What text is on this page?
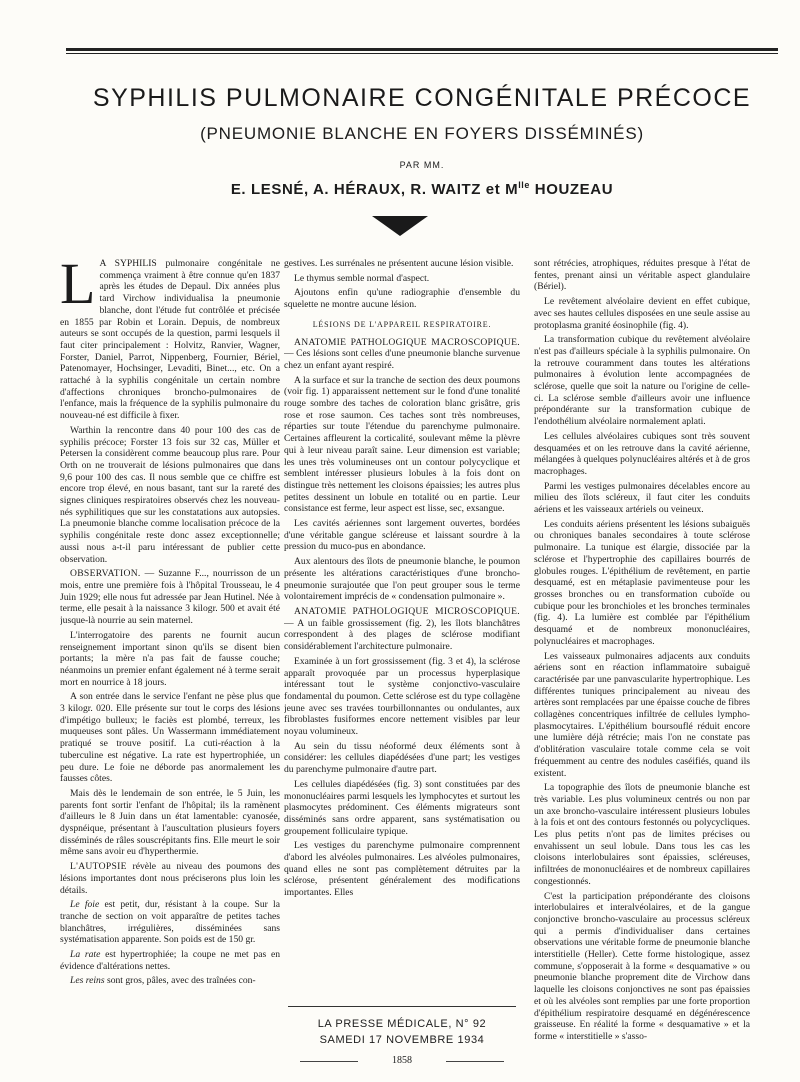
SYPHILIS PULMONAIRE CONGÉNITALE PRÉCOCE
(PNEUMONIE BLANCHE EN FOYERS DISSÉMINÉS)
PAR MM.
E. LESNÉ, A. HÉRAUX, R. WAITZ et $M^{lle}$ HOUZEAU

L A SYPHILIS pulmonaire congénitale ne commença vraiment à être connue qu'en 1837 après les études de Depaul. Dix années plus tard Virchow individualisa la pneumonie blanche, dont l'étude fut contrôlée et précisée en 1855 par Robin et Lorain. Depuis, de nombreux auteurs se sont occupés de la question, parmi lesquels il faut citer principalement : Holvitz, Ranvier, Wagner, Forster, Daniel, Parrot, Nippenberg, Fournier, Bériel, Patenomayer, Hochsinger, Levaditi, Binet..., etc. On a rattaché à la syphilis congénitale un certain nombre d'affections chroniques broncho-pulmonaires de l'enfance, mais la fréquence de la syphilis pulmonaire du nouveau-né est difficile à fixer.

Warthin la rencontre dans 40 pour 100 des cas de syphilis précoce; Forster 13 fois sur 32 cas, Müller et Petersen la considèrent comme beaucoup plus rare. Pour Orth on ne trouverait de lésions pulmonaires que dans 9,6 pour 100 des cas. Il nous semble que ce chiffre est encore trop élevé, en nous basant, tant sur la rareté des signes cliniques respiratoires observés chez les nouveau-nés syphilitiques que sur les constatations aux autopsies. La pneumonie blanche comme localisation précoce de la syphilis congénitale reste donc assez exceptionnelle; aussi nous a-t-il paru intéressant de publier cette observation.

OBSERVATION. — Suzanne F..., nourrisson de un mois, entre une première fois à l'hôpital Trousseau, le 4 Juin 1929; elle nous fut adressée par Jean Hutinel. Née à terme, elle pesait à la naissance 3 kilogr. 500 et avait été jusque-là nourrie au sein maternel.

L'interrogatoire des parents ne fournit aucun renseignement important sinon qu'ils se disent bien portants; la mère n'a pas fait de fausse couche; néanmoins un premier enfant également né à terme serait mort en nourrice à 18 jours.

A son entrée dans le service l'enfant ne pèse plus que 3 kilogr. 020. Elle présente sur tout le corps des lésions d'impétigo bulleux; le faciès est plombé, terreux, les muqueuses sont pâles. Un Wassermann immédiatement pratiqué se trouve positif. La cuti-réaction à la tuberculine est négative. La rate est hypertrophiée, un peu dure. Le foie ne déborde pas anormalement les fausses côtes.

Mais dès le lendemain de son entrée, le 5 Juin, les parents font sortir l'enfant de l'hôpital; ils la ramènent d'ailleurs le 8 Juin dans un état lamentable: cyanosée, dyspnéique, présentant à l'auscultation plusieurs foyers disséminés de râles souscrépitants fins. Elle meurt le soir même sans avoir eu d'hyperthermie.

L'AUTOPSIE révèle au niveau des poumons des lésions importantes dont nous préciserons plus loin les détails.

Le foie est petit, dur, résistant à la coupe. Sur la tranche de section on voit apparaître de petites taches blanchâtres, irrégulières, disséminées sans systématisation apparente. Son poids est de 150 gr.

La rate est hypertrophiée; la coupe ne met pas en évidence d'altérations nettes.

Les reins sont gros, pâles, avec des traînées con-

gestives. Les surrénales ne présentent aucune lésion visible.

Le thymus semble normal d'aspect.

Ajoutons enfin qu'une radiographie d'ensemble du squelette ne montre aucune lésion.

LÉSIONS DE L'APPAREIL RESPIRATOIRE.

ANATOMIE PATHOLOGIQUE MACROSCOPIQUE. — Ces lésions sont celles d'une pneumonie blanche survenue chez un enfant ayant respiré.

A la surface et sur la tranche de section des deux poumons (voir fig. 1) apparaissent nettement sur le fond d'une tonalité rouge sombre des taches de coloration blanc grisâtre, gris rose et rose saumon. Ces taches sont très nombreuses, réparties sur toute l'étendue du parenchyme pulmonaire. Certaines affleurent la corticalité, soulevant même la plèvre qui à leur niveau paraît saine. Leur dimension est variable; les unes très volumineuses ont un contour polycyclique et semblent intéresser plusieurs lobules à la fois dont on distingue très nettement les cloisons épaissies; les autres plus petites dessinent un lobule en totalité ou en partie. Leur consistance est ferme, leur aspect est lisse, sec, exsangue.

Les cavités aériennes sont largement ouvertes, bordées d'une véritable gangue scléreuse et laissant sourdre à la pression du muco-pus en abondance.

Aux alentours des îlots de pneumonie blanche, le poumon présente les altérations caractéristiques d'une broncho-pneumonie surajoutée que l'on peut grouper sous le terme volontairement imprécis de « condensation pulmonaire ».

ANATOMIE PATHOLOGIQUE MICROSCOPIQUE. — A un faible grossissement (fig. 2), les îlots blanchâtres correspondent à des plages de sclérose modifiant considérablement l'architecture pulmonaire.

Examinée à un fort grossissement (fig. 3 et 4), la sclérose apparaît provoquée par un processus hyperplasique intéressant tout le système conjonctivo-vasculaire fondamental du poumon. Cette sclérose est du type collagène jeune avec ses travées tourbillonnantes ou ondulantes, aux fibroblastes fusiformes encore nettement visibles par leur noyau volumineux.

Au sein du tissu néoformé deux éléments sont à considérer: les cellules diapédésées d'une part; les vestiges du parenchyme pulmonaire d'autre part.

Les cellules diapédésées (fig. 3) sont constituées par des mononucléaires parmi lesquels les lymphocytes et surtout les plasmocytes prédominent. Ces éléments migrateurs sont disséminés sans ordre apparent, sans systématisation ou groupement folliculaire typique.

Les vestiges du parenchyme pulmonaire comprennent d'abord les alvéoles pulmonaires. Les alvéoles pulmonaires, quand elles ne sont pas complètement détruites par la sclérose, présentent généralement des modifications importantes. Elles

sont rétrécies, atrophiques, réduites presque à l'état de fentes, prenant ainsi un véritable aspect glandulaire (Bériel).

Le revêtement alvéolaire devient en effet cubique, avec ses hautes cellules disposées en une seule assise au protoplasma granité éosinophile (fig. 4).

La transformation cubique du revêtement alvéolaire n'est pas d'ailleurs spéciale à la syphilis pulmonaire. On la retrouve couramment dans toutes les altérations pulmonaires à évolution lente accompagnées de sclérose, quelle que soit la nature ou l'origine de celle-ci. La sclérose semble d'ailleurs avoir une influence prépondérante sur la transformation cubique de l'endothélium alvéolaire normalement aplati.

Les cellules alvéolaires cubiques sont très souvent desquamées et on les retrouve dans la cavité aérienne, mélangées à quelques polynucléaires altérés et à de gros macrophages.

Parmi les vestiges pulmonaires décelables encore au milieu des îlots scléreux, il faut citer les conduits aériens et les vaisseaux artériels ou veineux.

Les conduits aériens présentent les lésions subaiguës ou chroniques banales secondaires à toute sclérose pulmonaire. La tunique est élargie, dissociée par la sclérose et l'hypertrophie des capillaires bourrés de globules rouges. L'épithélium de revêtement, en partie desquamé, est en métaplasie pavimenteuse pour les grosses bronches ou en transformation cuboïde ou cubique pour les bronchioles et les bronches terminales (fig. 4). La lumière est comblée par l'épithélium desquamé et de nombreux mononucléaires, polynucléaires et macrophages.

Les vaisseaux pulmonaires adjacents aux conduits aériens sont en réaction inflammatoire subaiguë caractérisée par une panvascularite hypertrophique. Les différentes tuniques principalement au niveau des artères sont remplacées par une épaisse couche de fibres collagènes concentriques infiltrée de cellules lympho-plasmocytaires. L'épithélium boursouflé réduit encore une lumière déjà rétrécie; mais l'on ne constate pas d'oblitération vasculaire totale comme cela se voit fréquemment au centre des nodules caséifiés, quand ils existent.

La topographie des îlots de pneumonie blanche est très variable. Les plus volumineux centrés ou non par un axe broncho-vasculaire intéressent plusieurs lobules à la fois et ont des contours festonnés ou polycycliques. Les plus petits n'ont pas de limites précises ou envahissent un seul lobule. Dans tous les cas les cloisons interlobulaires sont épaissies, scléreuses, infiltrées de mononucléaires et de nombreux capillaires congestionnés.

C'est la participation prépondérante des cloisons interlobulaires et interalvéolaires, et de la gangue conjonctive broncho-vasculaire au processus scléreux qui a permis d'individualiser dans certaines observations une véritable forme de pneumonie blanche interstitielle (Heller). Cette forme histologique, assez commune, s'opposerait à la forme « desquamative » ou pneumonie blanche proprement dite de Virchow dans laquelle les cloisons conjonctives ne sont pas épaissies et où les alvéoles sont remplies par une forte proportion d'épithélium respiratoire desquamé en dégénérescence graisseuse. En réalité la forme « desquamative » et la forme « interstitielle » s'asso-

LA PRESSE MÉDICALE, N° 92
SAMEDI 17 NOVEMBRE 1934
1858
